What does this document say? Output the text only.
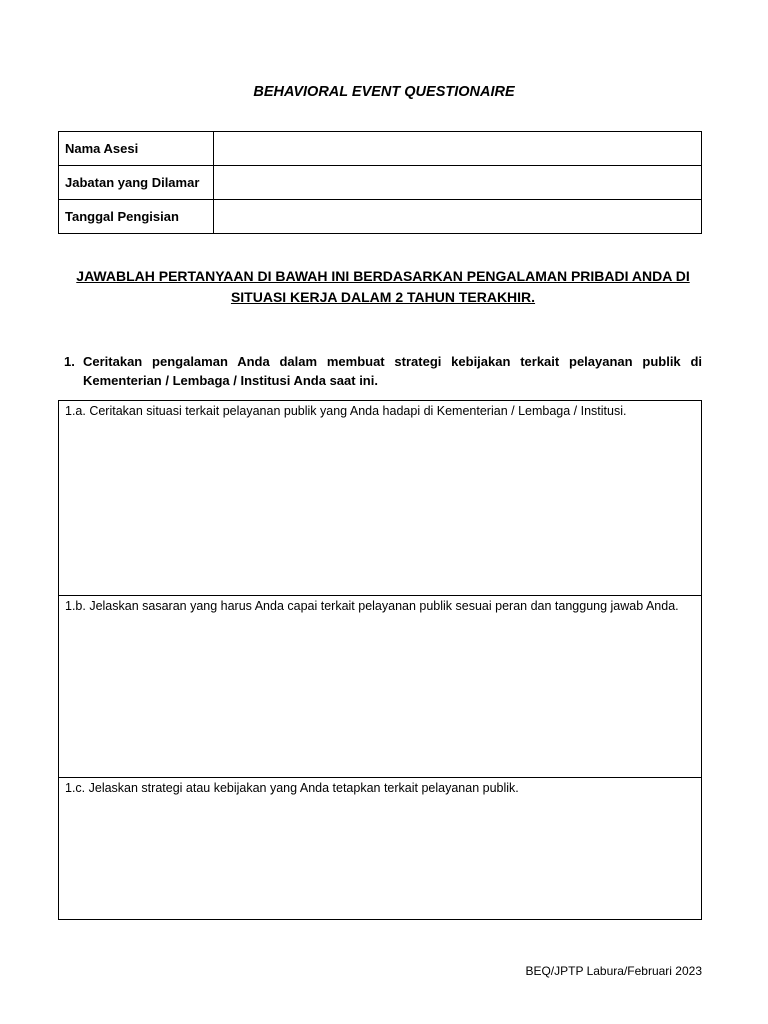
BEHAVIORAL EVENT QUESTIONAIRE
Nama Asesi	
Jabatan yang Dilamar	
Tanggal Pengisian	
JAWABLAH PERTANYAAN DI BAWAH INI BERDASARKAN PENGALAMAN PRIBADI ANDA DI SITUASI KERJA DALAM 2 TAHUN TERAKHIR.
1. Ceritakan pengalaman Anda dalam membuat strategi kebijakan terkait pelayanan publik di Kementerian / Lembaga / Institusi Anda saat ini.
1.a. Ceritakan situasi terkait pelayanan publik yang Anda hadapi di Kementerian / Lembaga / Institusi.
1.b. Jelaskan sasaran yang harus Anda capai terkait pelayanan publik sesuai peran dan tanggung jawab Anda.
1.c. Jelaskan strategi atau kebijakan yang Anda tetapkan terkait pelayanan publik.
BEQ/JPTP Labura/Februari 2023
